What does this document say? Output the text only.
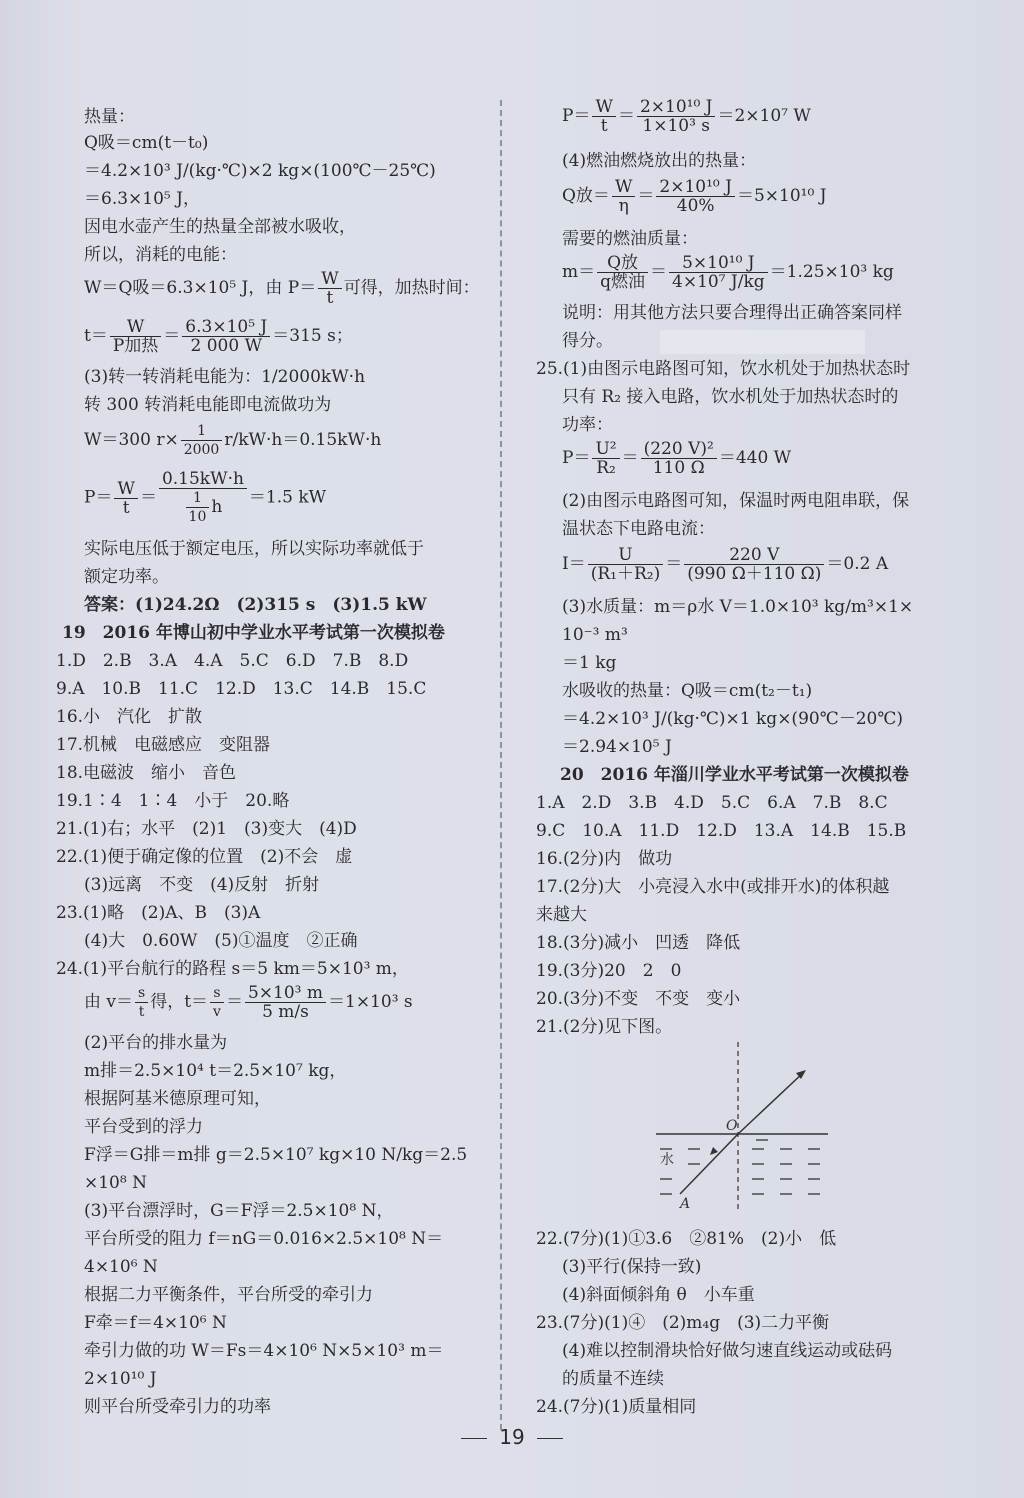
热量：
Q吸＝cm(t－t₀)
＝4.2×10³ J/(kg·℃)×2 kg×(100℃－25℃)
＝6.3×10⁵ J，
因电水壶产生的热量全部被水吸收，
所以，消耗的电能：
W＝Q吸＝6.3×10⁵ J，由 $P= \frac{W}{t}$ 可得，加热时间：
$t= \frac{W}{\text{P加热}} = \frac{\text{6.3×10⁵ J}}{2 000 W} =315$ s；
(3)转一转消耗电能为：1/2000kW·h
转 300 转消耗电能即电流做功为
W＝300 $r\times \frac{1}{2000} r/kW\cdot h=0.15kW\cdot h$
$P= \frac{W}{t} = \frac{0.15kW\cdot h}{\frac{1}{10} h} =1.5$ kW
实际电压低于额定电压，所以实际功率就低于
额定功率。
答案：(1)24.2Ω　(2)315 s　(3)1.5 kW
19　2016 年博山初中学业水平考试第一次模拟卷
1.D　2.B　3.A　4.A　5.C　6.D　7.B　8.D
9.A　10.B　11.C　12.D　13.C　14.B　15.C
16.小　汽化　扩散
17.机械　电磁感应　变阻器
18.电磁波　缩小　音色
19.1∶4　1∶4　小于　20.略
21.(1)右；水平　(2)1　(3)变大　(4)D
22.(1)便于确定像的位置　(2)不会　虚
(3)远离　不变　(4)反射　折射
23.(1)略　(2)A、B　(3)A
(4)大　0.60W　(5)①温度　②正确
24.(1)平台航行的路程 s＝5 km＝5×10³ m，
由 $v= \frac{s}{t}$ 得，$t= \frac{s}{v} = \frac{\text{5×10³ m}}{5 m/s} =1\times 10^3$ s
(2)平台的排水量为
m排＝2.5×10⁴ t＝2.5×10⁷ kg，
根据阿基米德原理可知，
平台受到的浮力
F浮＝G排＝m排 g＝2.5×10⁷ kg×10 N/kg＝2.5
×10⁸ N
(3)平台漂浮时，G＝F浮＝2.5×10⁸ N，
平台所受的阻力 f＝nG＝0.016×2.5×10⁸ N＝
4×10⁶ N
根据二力平衡条件，平台所受的牵引力
F牵＝f＝4×10⁶ N
牵引力做的功 W＝Fs＝4×10⁶ N×5×10³ m＝
2×10¹⁰ J
则平台所受牵引力的功率
$P= \frac{W}{t} = \frac{\text{2×10¹⁰ J}}{\text{1×10³ s}} =2\times 10^7$ W
(4)燃油燃烧放出的热量：
Q放＝ $\frac{W}{\eta} = \frac{\text{2×10¹⁰ J}}{40\%} =5\times 10^{10}$ J
需要的燃油质量：
$m= \frac{\text{Q放}}{\text{q燃油}} = \frac{\text{5×10¹⁰ J}}{\text{4×10⁷ J/kg}} =1.25\times 10^3$ kg
说明：用其他方法只要合理得出正确答案同样
得分。
25.(1)由图示电路图可知，饮水机处于加热状态时
只有 R₂ 接入电路，饮水机处于加热状态时的
功率：
$P= \frac{\text{U²}}{\text{R₂}} = \frac{\text{(220 V)²}}{110 \Omega} =440$ W
(2)由图示电路图可知，保温时两电阻串联，保
温状态下电路电流：
$I= \frac{U}{\text{(R₁＋R₂)}} = \frac{220 V}{(990 \Omega+110 \Omega)} =0.2$ A
(3)水质量：m＝ρ水 V＝1.0×10³ kg/m³×1×
10⁻³ m³
＝1 kg
水吸收的热量：Q吸＝cm(t₂－t₁)
＝4.2×10³ J/(kg·℃)×1 kg×(90℃－20℃)
＝2.94×10⁵ J
20　2016 年淄川学业水平考试第一次模拟卷
1.A　2.D　3.B　4.D　5.C　6.A　7.B　8.C
9.C　10.A　11.D　12.D　13.A　14.B　15.B
16.(2分)内　做功
17.(2分)大　小亮浸入水中(或排开水)的体积越
来越大
18.(3分)减小　凹透　降低
19.(3分)20　2　0
20.(3分)不变　不变　变小
21.(2分)见下图。
水
O
A
22.(7分)(1)①3.6　②81%　(2)小　低
(3)平行(保持一致)
(4)斜面倾斜角 θ　小车重
23.(7分)(1)④　(2)m₄g　(3)二力平衡
(4)难以控制滑块恰好做匀速直线运动或砝码
的质量不连续
24.(7分)(1)质量相同
19
